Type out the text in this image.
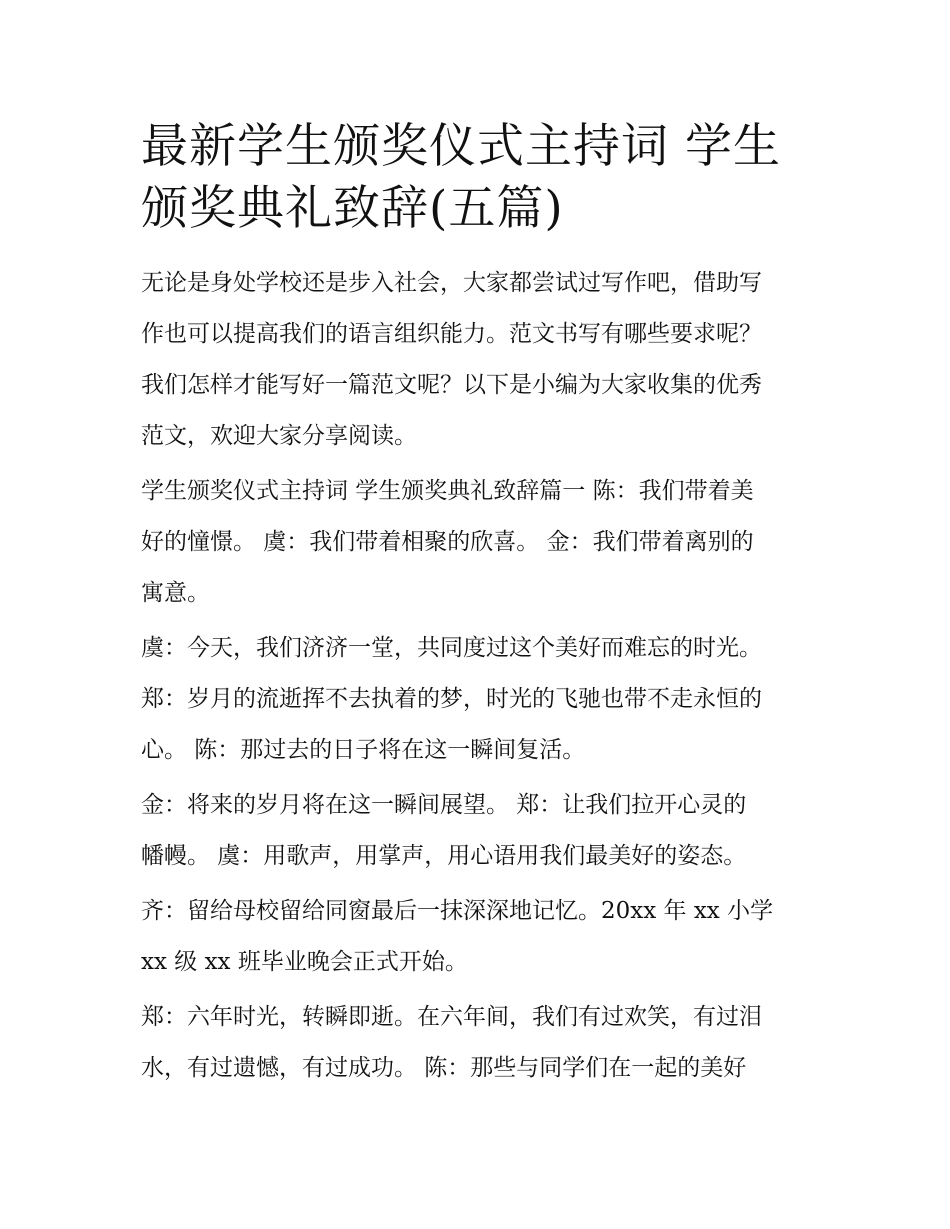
最新学生颁奖仪式主持词 学生
颁奖典礼致辞(五篇)

无论是身处学校还是步入社会，大家都尝试过写作吧，借助写
作也可以提高我们的语言组织能力。范文书写有哪些要求呢？
我们怎样才能写好一篇范文呢？以下是小编为大家收集的优秀
范文，欢迎大家分享阅读。

学生颁奖仪式主持词 学生颁奖典礼致辞篇一 陈：我们带着美
好的憧憬。 虞：我们带着相聚的欣喜。 金：我们带着离别的
寓意。

虞：今天，我们济济一堂，共同度过这个美好而难忘的时光。
郑：岁月的流逝挥不去执着的梦，时光的飞驰也带不走永恒的
心。 陈：那过去的日子将在这一瞬间复活。

金：将来的岁月将在这一瞬间展望。 郑：让我们拉开心灵的
幡幔。 虞：用歌声，用掌声，用心语用我们最美好的姿态。

齐：留给母校留给同窗最后一抹深深地记忆。20xx 年 xx 小学
xx 级 xx 班毕业晚会正式开始。

郑：六年时光，转瞬即逝。在六年间，我们有过欢笑，有过泪
水，有过遗憾，有过成功。 陈：那些与同学们在一起的美好
